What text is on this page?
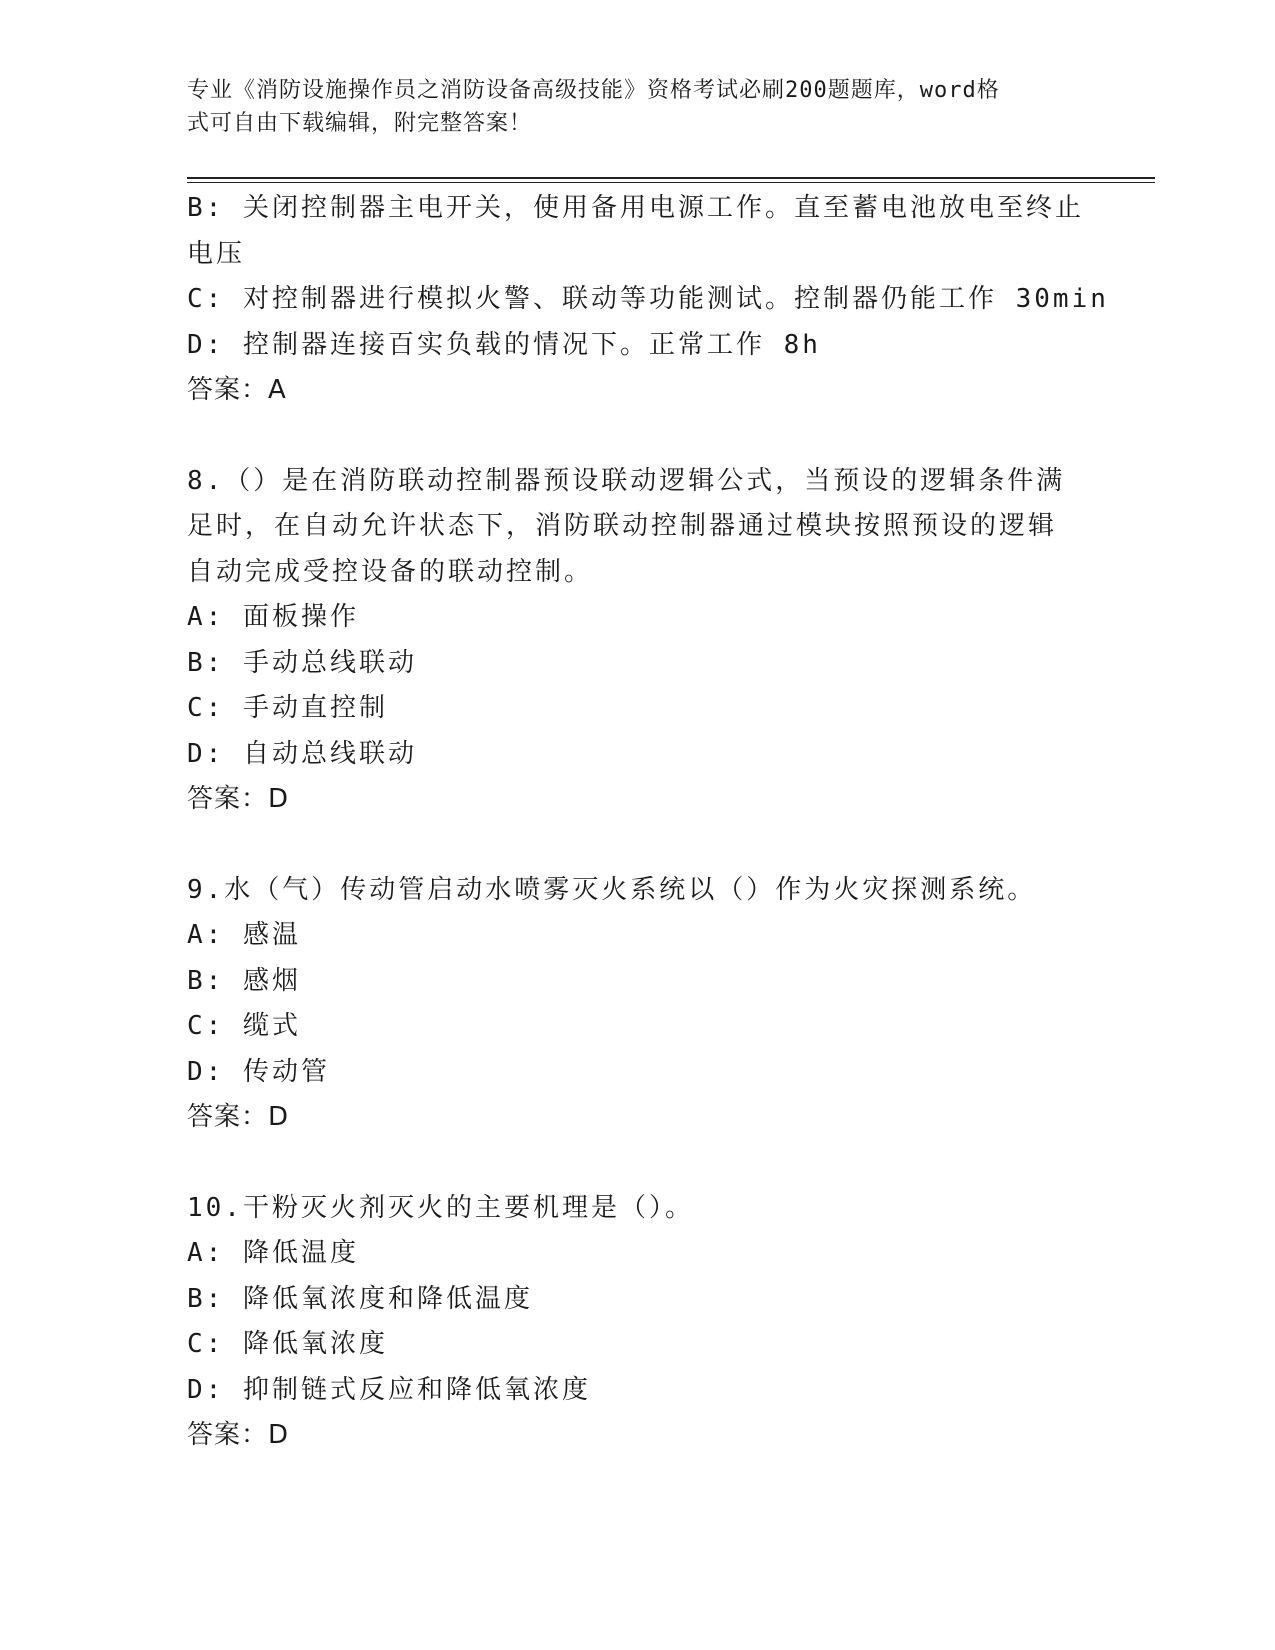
专业《消防设施操作员之消防设备高级技能》资格考试必刷200题题库，word格
式可自由下载编辑，附完整答案！
B: 关闭控制器主电开关，使用备用电源工作。直至蓄电池放电至终止
电压
C: 对控制器进行模拟火警、联动等功能测试。控制器仍能工作 30min
D: 控制器连接百实负载的情况下。正常工作 8h
答案：A
8.（）是在消防联动控制器预设联动逻辑公式，当预设的逻辑条件满
足时，在自动允许状态下，消防联动控制器通过模块按照预设的逻辑
自动完成受控设备的联动控制。
A: 面板操作
B: 手动总线联动
C: 手动直控制
D: 自动总线联动
答案：D
9.水（气）传动管启动水喷雾灭火系统以（）作为火灾探测系统。
A: 感温
B: 感烟
C: 缆式
D: 传动管
答案：D
10.干粉灭火剂灭火的主要机理是（）。
A: 降低温度
B: 降低氧浓度和降低温度
C: 降低氧浓度
D: 抑制链式反应和降低氧浓度
答案：D
